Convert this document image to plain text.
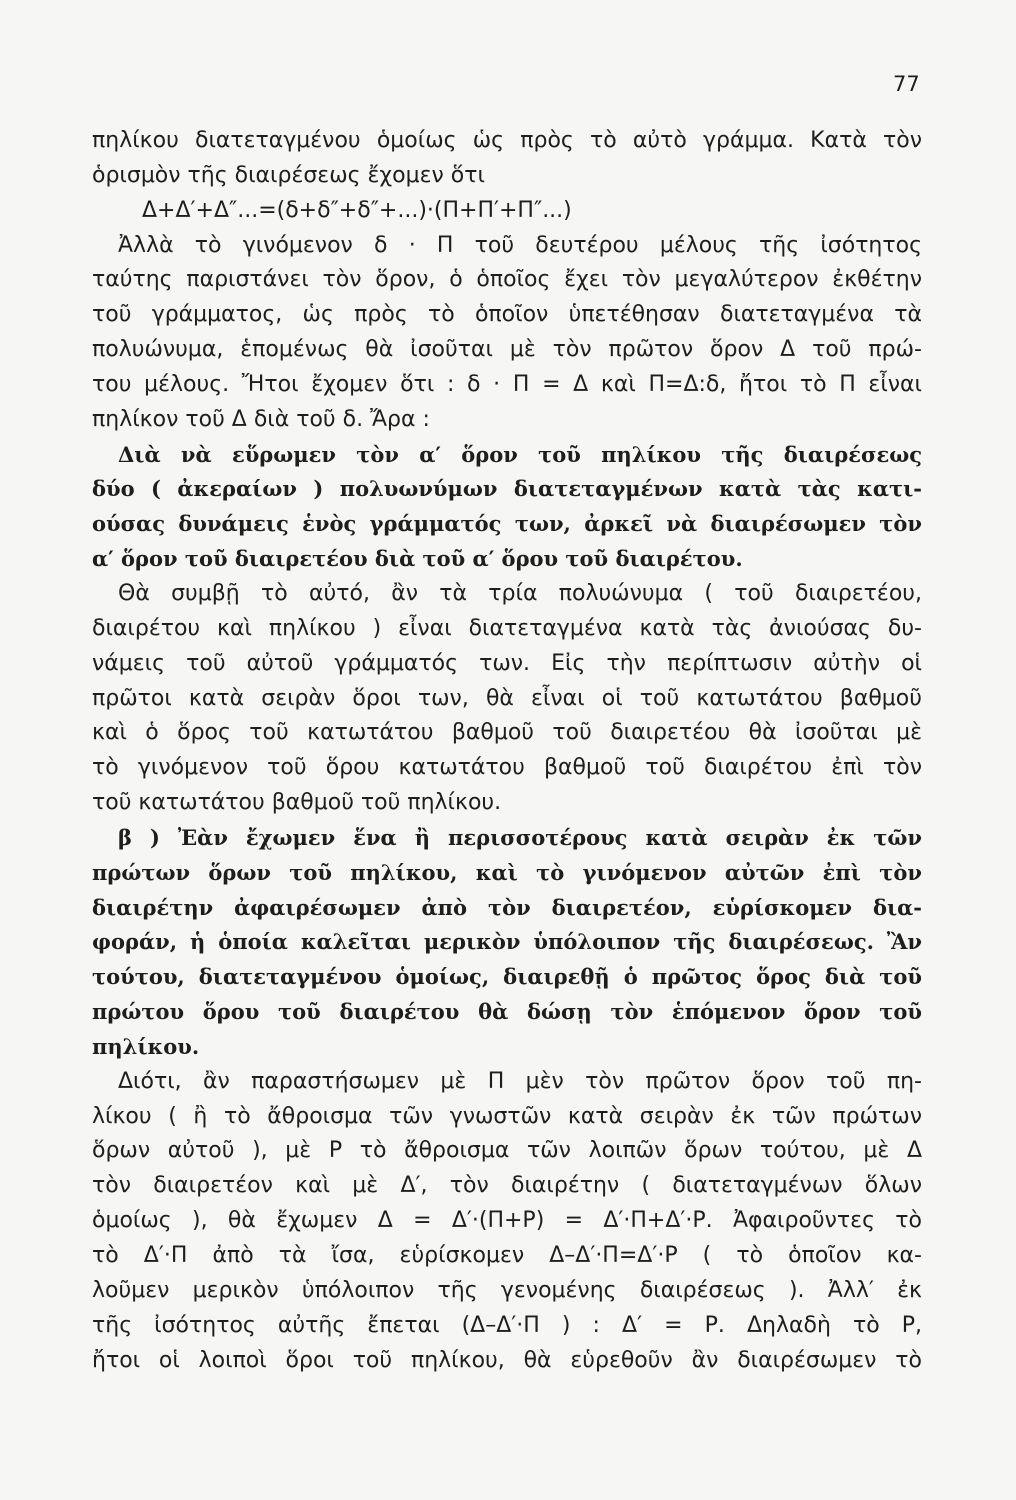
77
πηλίκου διατεταγμένου ὁμοίως ὡς πρὸς τὸ αὐτὸ γράμμα. Κατὰ τὸν
ὁρισμὸν τῆς διαιρέσεως ἔχομεν ὅτι
Δ+Δ′+Δ″...=(δ+δ″+δ″+...)·(Π+Π′+Π″...)
Ἀλλὰ τὸ γινόμενον δ · Π τοῦ δευτέρου μέλους τῆς ἰσότητος
ταύτης παριστάνει τὸν ὅρον, ὁ ὁποῖος ἔχει τὸν μεγαλύτερον ἐκθέτην
τοῦ γράμματος, ὡς πρὸς τὸ ὁποῖον ὑπετέθησαν διατεταγμένα τὰ
πολυώνυμα, ἑπομένως θὰ ἰσοῦται μὲ τὸν πρῶτον ὅρον Δ τοῦ πρώ-
του μέλους. Ἤτοι ἔχομεν ὅτι : δ · Π = Δ καὶ Π=Δ:δ, ἤτοι τὸ Π εἶναι
πηλίκον τοῦ Δ διὰ τοῦ δ. Ἄρα :
Διὰ νὰ εὕρωμεν τὸν α′ ὅρον τοῦ πηλίκου τῆς διαιρέσεως
δύο ( ἀκεραίων ) πολυωνύμων διατεταγμένων κατὰ τὰς κατι-
ούσας δυνάμεις ἑνὸς γράμματός των, ἀρκεῖ νὰ διαιρέσωμεν τὸν
α′ ὅρον τοῦ διαιρετέου διὰ τοῦ α′ ὅρου τοῦ διαιρέτου.
Θὰ συμβῇ τὸ αὐτό, ἂν τὰ τρία πολυώνυμα ( τοῦ διαιρετέου,
διαιρέτου καὶ πηλίκου ) εἶναι διατεταγμένα κατὰ τὰς ἀνιούσας δυ-
νάμεις τοῦ αὐτοῦ γράμματός των. Εἰς τὴν περίπτωσιν αὐτὴν οἱ
πρῶτοι κατὰ σειρὰν ὅροι των, θὰ εἶναι οἱ τοῦ κατωτάτου βαθμοῦ
καὶ ὁ ὅρος τοῦ κατωτάτου βαθμοῦ τοῦ διαιρετέου θὰ ἰσοῦται μὲ
τὸ γινόμενον τοῦ ὅρου κατωτάτου βαθμοῦ τοῦ διαιρέτου ἐπὶ τὸν
τοῦ κατωτάτου βαθμοῦ τοῦ πηλίκου.
β ) Ἐὰν ἔχωμεν ἕνα ἢ περισσοτέρους κατὰ σειρὰν ἐκ τῶν
πρώτων ὅρων τοῦ πηλίκου, καὶ τὸ γινόμενον αὐτῶν ἐπὶ τὸν
διαιρέτην ἀφαιρέσωμεν ἀπὸ τὸν διαιρετέον, εὑρίσκομεν δια-
φοράν, ἡ ὁποία καλεῖται μερικὸν ὑπόλοιπον τῆς διαιρέσεως. Ἂν
τούτου, διατεταγμένου ὁμοίως, διαιρεθῇ ὁ πρῶτος ὅρος διὰ τοῦ
πρώτου ὅρου τοῦ διαιρέτου θὰ δώσῃ τὸν ἑπόμενον ὅρον τοῦ
πηλίκου.
Διότι, ἂν παραστήσωμεν μὲ Π μὲν τὸν πρῶτον ὅρον τοῦ πη-
λίκου ( ἢ τὸ ἄθροισμα τῶν γνωστῶν κατὰ σειρὰν ἐκ τῶν πρώτων
ὅρων αὐτοῦ ), μὲ Ρ τὸ ἄθροισμα τῶν λοιπῶν ὅρων τούτου, μὲ Δ
τὸν διαιρετέον καὶ μὲ Δ′, τὸν διαιρέτην ( διατεταγμένων ὅλων
ὁμοίως ), θὰ ἔχωμεν Δ = Δ′·(Π+Ρ) = Δ′·Π+Δ′·Ρ. Ἀφαιροῦντες τὸ
τὸ Δ′·Π ἀπὸ τὰ ἴσα, εὑρίσκομεν Δ–Δ′·Π=Δ′·Ρ ( τὸ ὁποῖον κα-
λοῦμεν μερικὸν ὑπόλοιπον τῆς γενομένης διαιρέσεως ). Ἀλλ′ ἐκ
τῆς ἰσότητος αὐτῆς ἔπεται (Δ–Δ′·Π ) : Δ′ = Ρ. Δηλαδὴ τὸ Ρ,
ἤτοι οἱ λοιποὶ ὅροι τοῦ πηλίκου, θὰ εὑρεθοῦν ἂν διαιρέσωμεν τὸ
